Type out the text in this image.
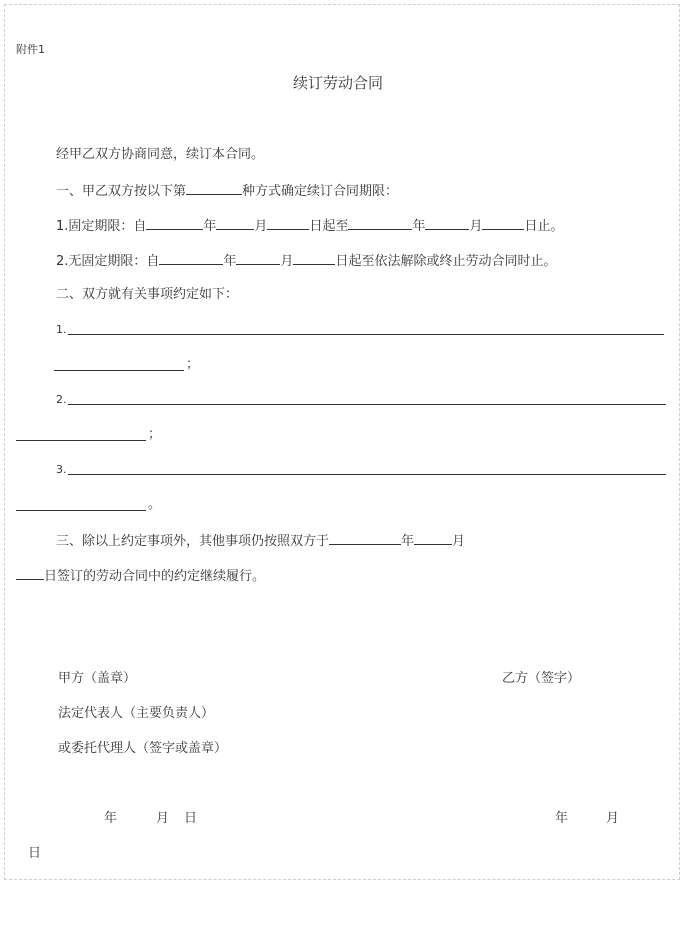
附件1
续订劳动合同
经甲乙双方协商同意，续订本合同。
一、甲乙双方按以下第	种方式确定续订合同期限：
1.固定期限：自	年	月	日起至	年	月	日止。
2.无固定期限：自	年	月	日起至依法解除或终止劳动合同时止。
二、双方就有关事项约定如下：
1.
；
2.
；
3.
。
三、除以上约定事项外，其他事项仍按照双方于	年	月
日签订的劳动合同中的约定继续履行。
甲方（盖章）	乙方（签字）
法定代表人（主要负责人）
或委托代理人（签字或盖章）
年	月 日	年	月
日
